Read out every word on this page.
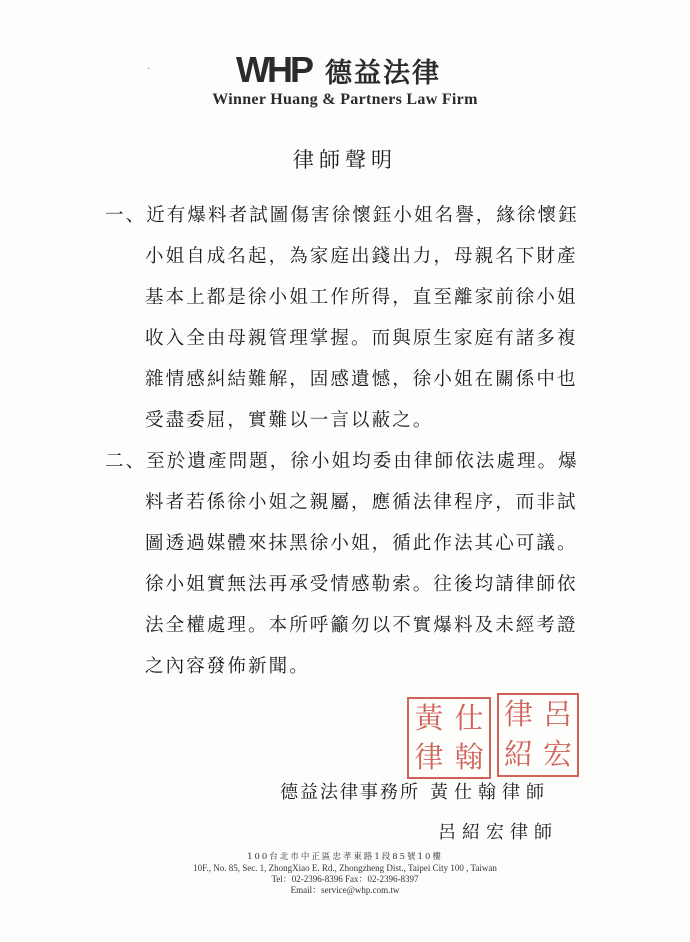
· WHP 德益法律
Winner Huang & Partners Law Firm
律師聲明
一、近有爆料者試圖傷害徐懷鈺小姐名譽，緣徐懷鈺
小姐自成名起，為家庭出錢出力，母親名下財產
基本上都是徐小姐工作所得，直至離家前徐小姐
收入全由母親管理掌握。而與原生家庭有諸多複
雜情感糾結難解，固感遺憾，徐小姐在關係中也
受盡委屈，實難以一言以蔽之。
二、至於遺產問題，徐小姐均委由律師依法處理。爆
料者若係徐小姐之親屬，應循法律程序，而非試
圖透過媒體來抹黑徐小姐，循此作法其心可議。
徐小姐實無法再承受情感勒索。往後均請律師依
法全權處理。本所呼籲勿以不實爆料及未經考證
之內容發佈新聞。
黃 仕
律 翰
律 呂
紹 宏
德益法律事務所 黃仕翰律師
呂紹宏律師
100台北市中正區忠孝東路1段85號10樓
10F., No. 85, Sec. 1, ZhongXiao E. Rd., Zhongzheng Dist., Taipei City 100 , Taiwan
Tel：02-2396-8396 Fax：02-2396-8397
Email：service@whp.com.tw
